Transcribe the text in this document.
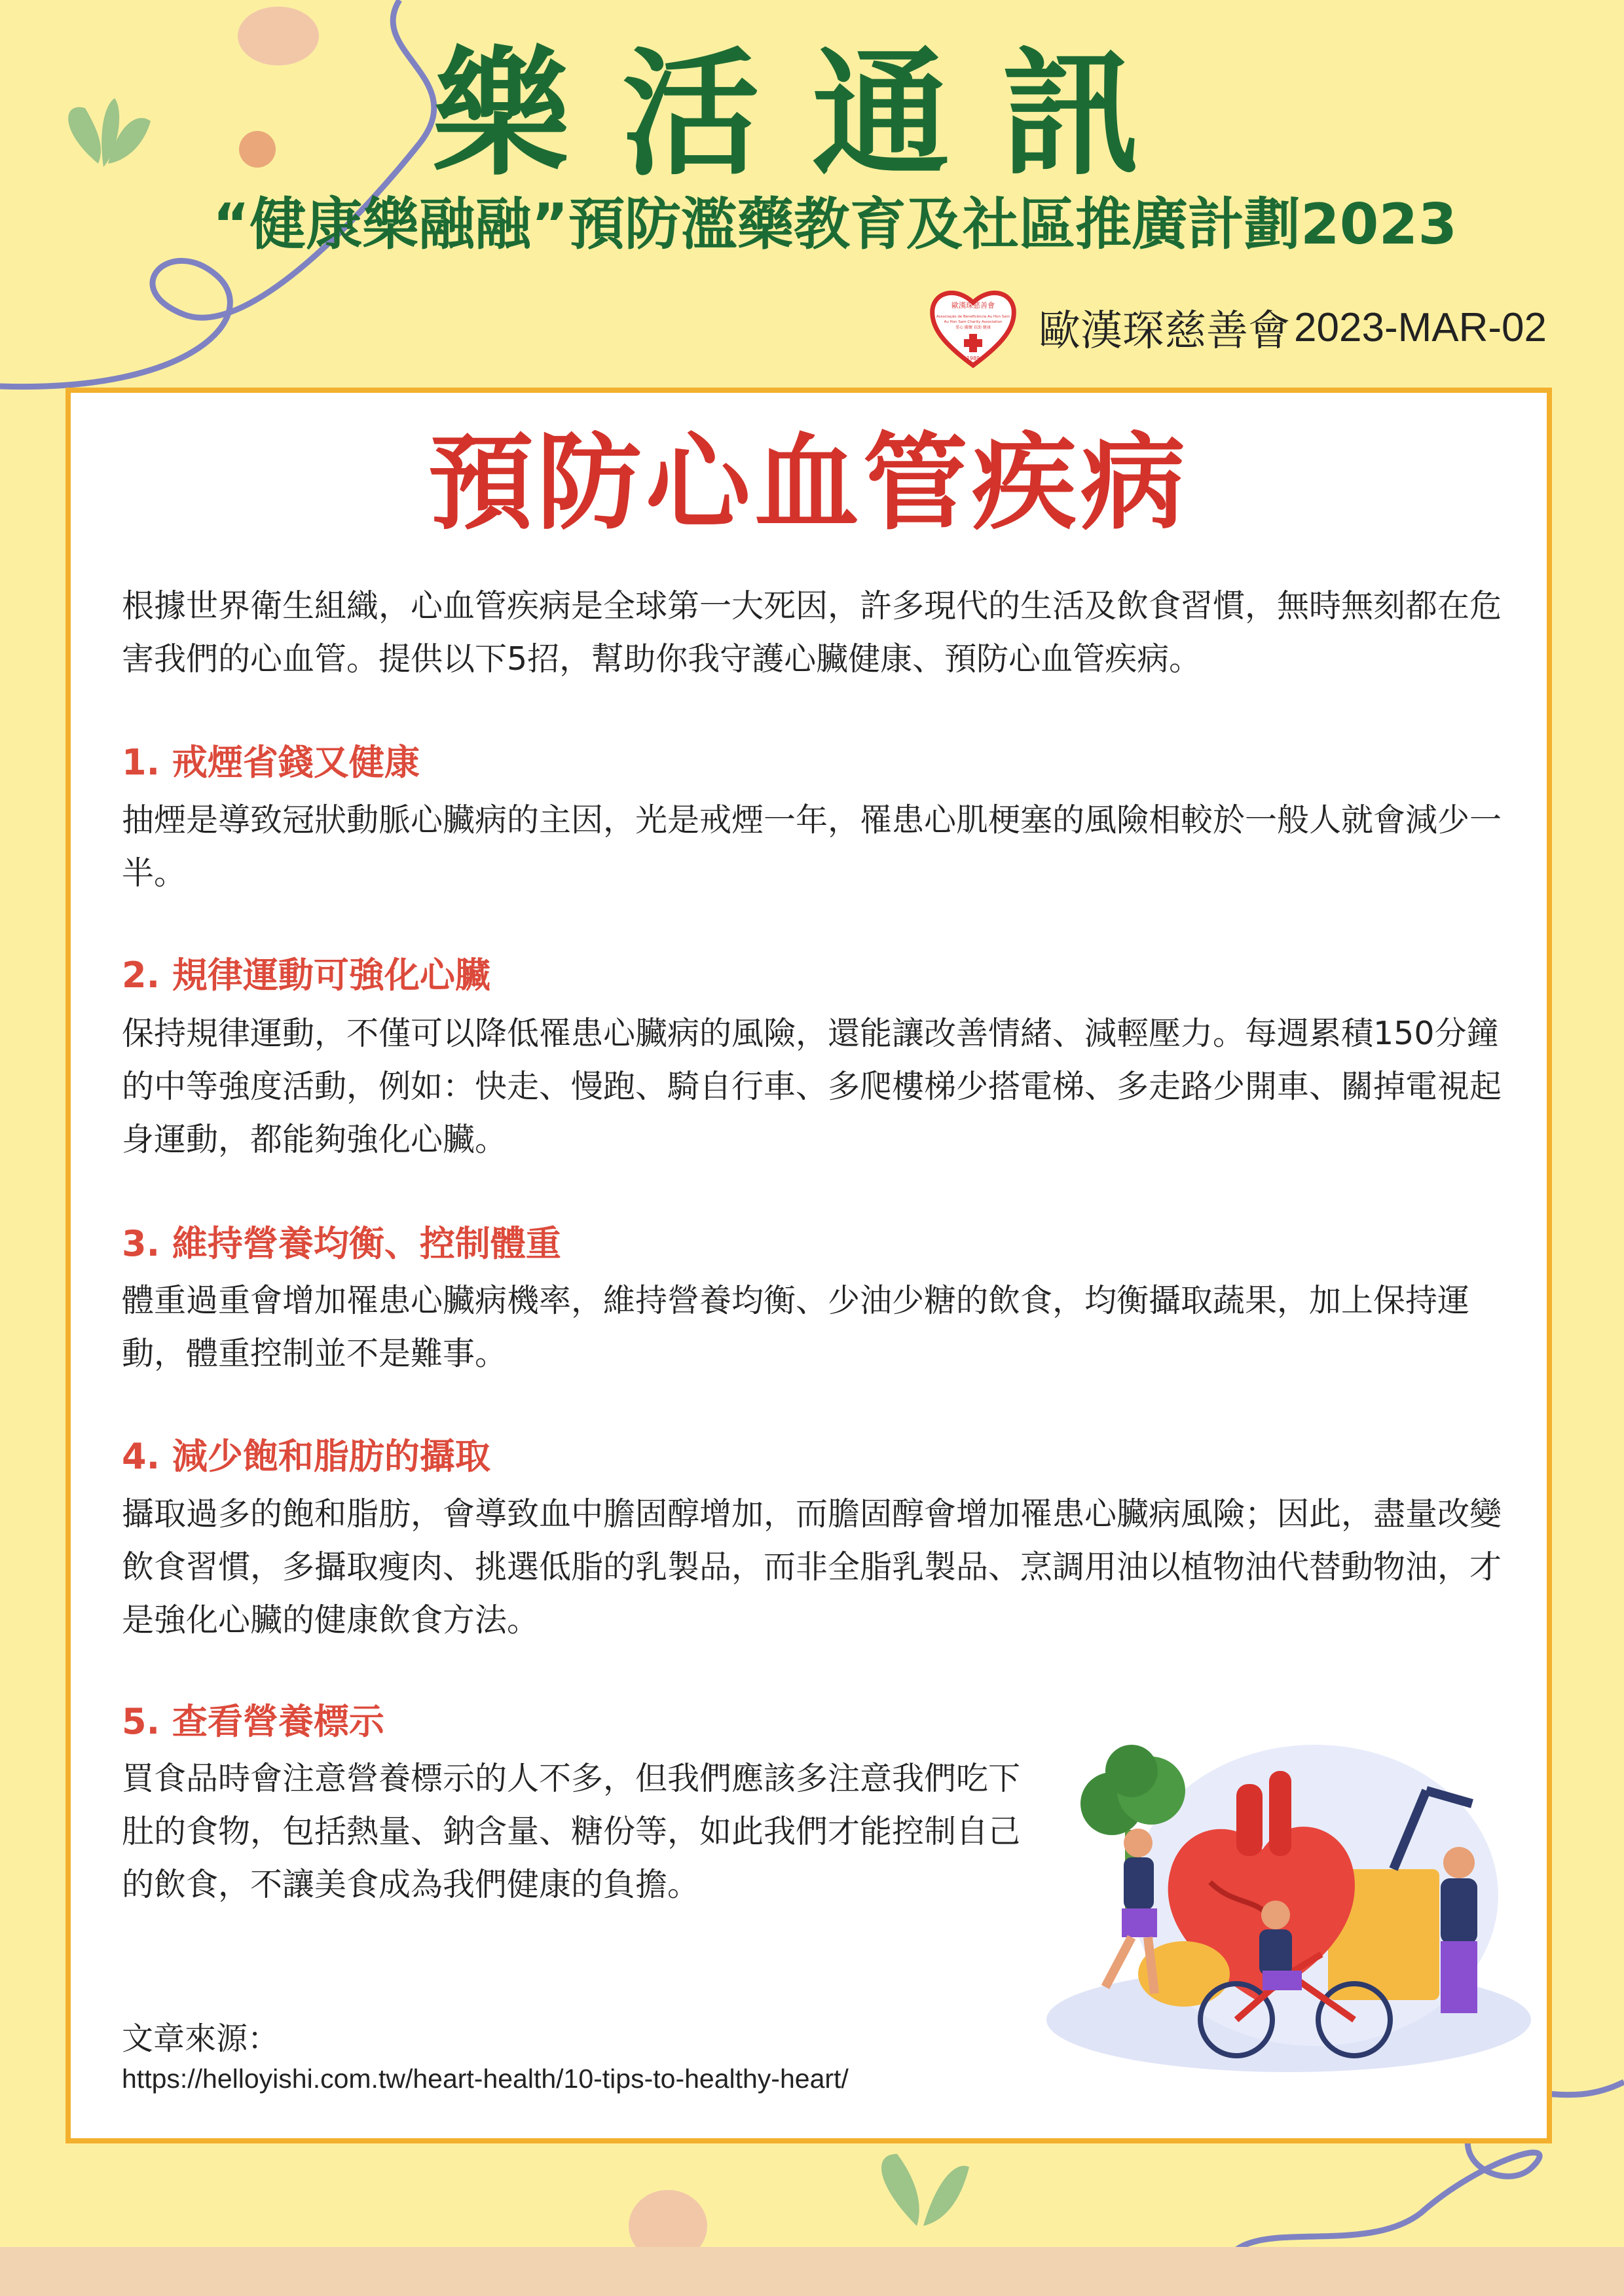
樂活通訊
“健康樂融融”預防濫藥教育及社區推廣計劃2023
歐漢琛慈善會
Associação de Beneficência Au Hon Sam
Au Hon Sam Charity Association
愛心 關懷 扶助 健康
1989
歐漢琛慈善會 2023-MAR-02
預防心血管疾病

根據世界衛生組織，心血管疾病是全球第一大死因，許多現代的生活及飲食習慣，無時無刻都在危害我們的心血管。提供以下5招，幫助你我守護心臟健康、預防心血管疾病。

1. 戒煙省錢又健康

抽煙是導致冠狀動脈心臟病的主因，光是戒煙一年，罹患心肌梗塞的風險相較於一般人就會減少一半。

2. 規律運動可強化心臟

保持規律運動，不僅可以降低罹患心臟病的風險，還能讓改善情緒、減輕壓力。每週累積150分鐘的中等強度活動，例如：快走、慢跑、騎自行車、多爬樓梯少搭電梯、多走路少開車、關掉電視起身運動，都能夠強化心臟。

3. 維持營養均衡、控制體重

體重過重會增加罹患心臟病機率，維持營養均衡、少油少糖的飲食，均衡攝取蔬果，加上保持運動，體重控制並不是難事。

4. 減少飽和脂肪的攝取

攝取過多的飽和脂肪，會導致血中膽固醇增加，而膽固醇會增加罹患心臟病風險；因此，盡量改變飲食習慣，多攝取瘦肉、挑選低脂的乳製品，而非全脂乳製品、烹調用油以植物油代替動物油，才是強化心臟的健康飲食方法。

5. 查看營養標示

買食品時會注意營養標示的人不多，但我們應該多注意我們吃下肚的食物，包括熱量、鈉含量、糖份等，如此我們才能控制自己的飲食，不讓美食成為我們健康的負擔。

文章來源：
https://helloyishi.com.tw/heart-health/10-tips-to-healthy-heart/
